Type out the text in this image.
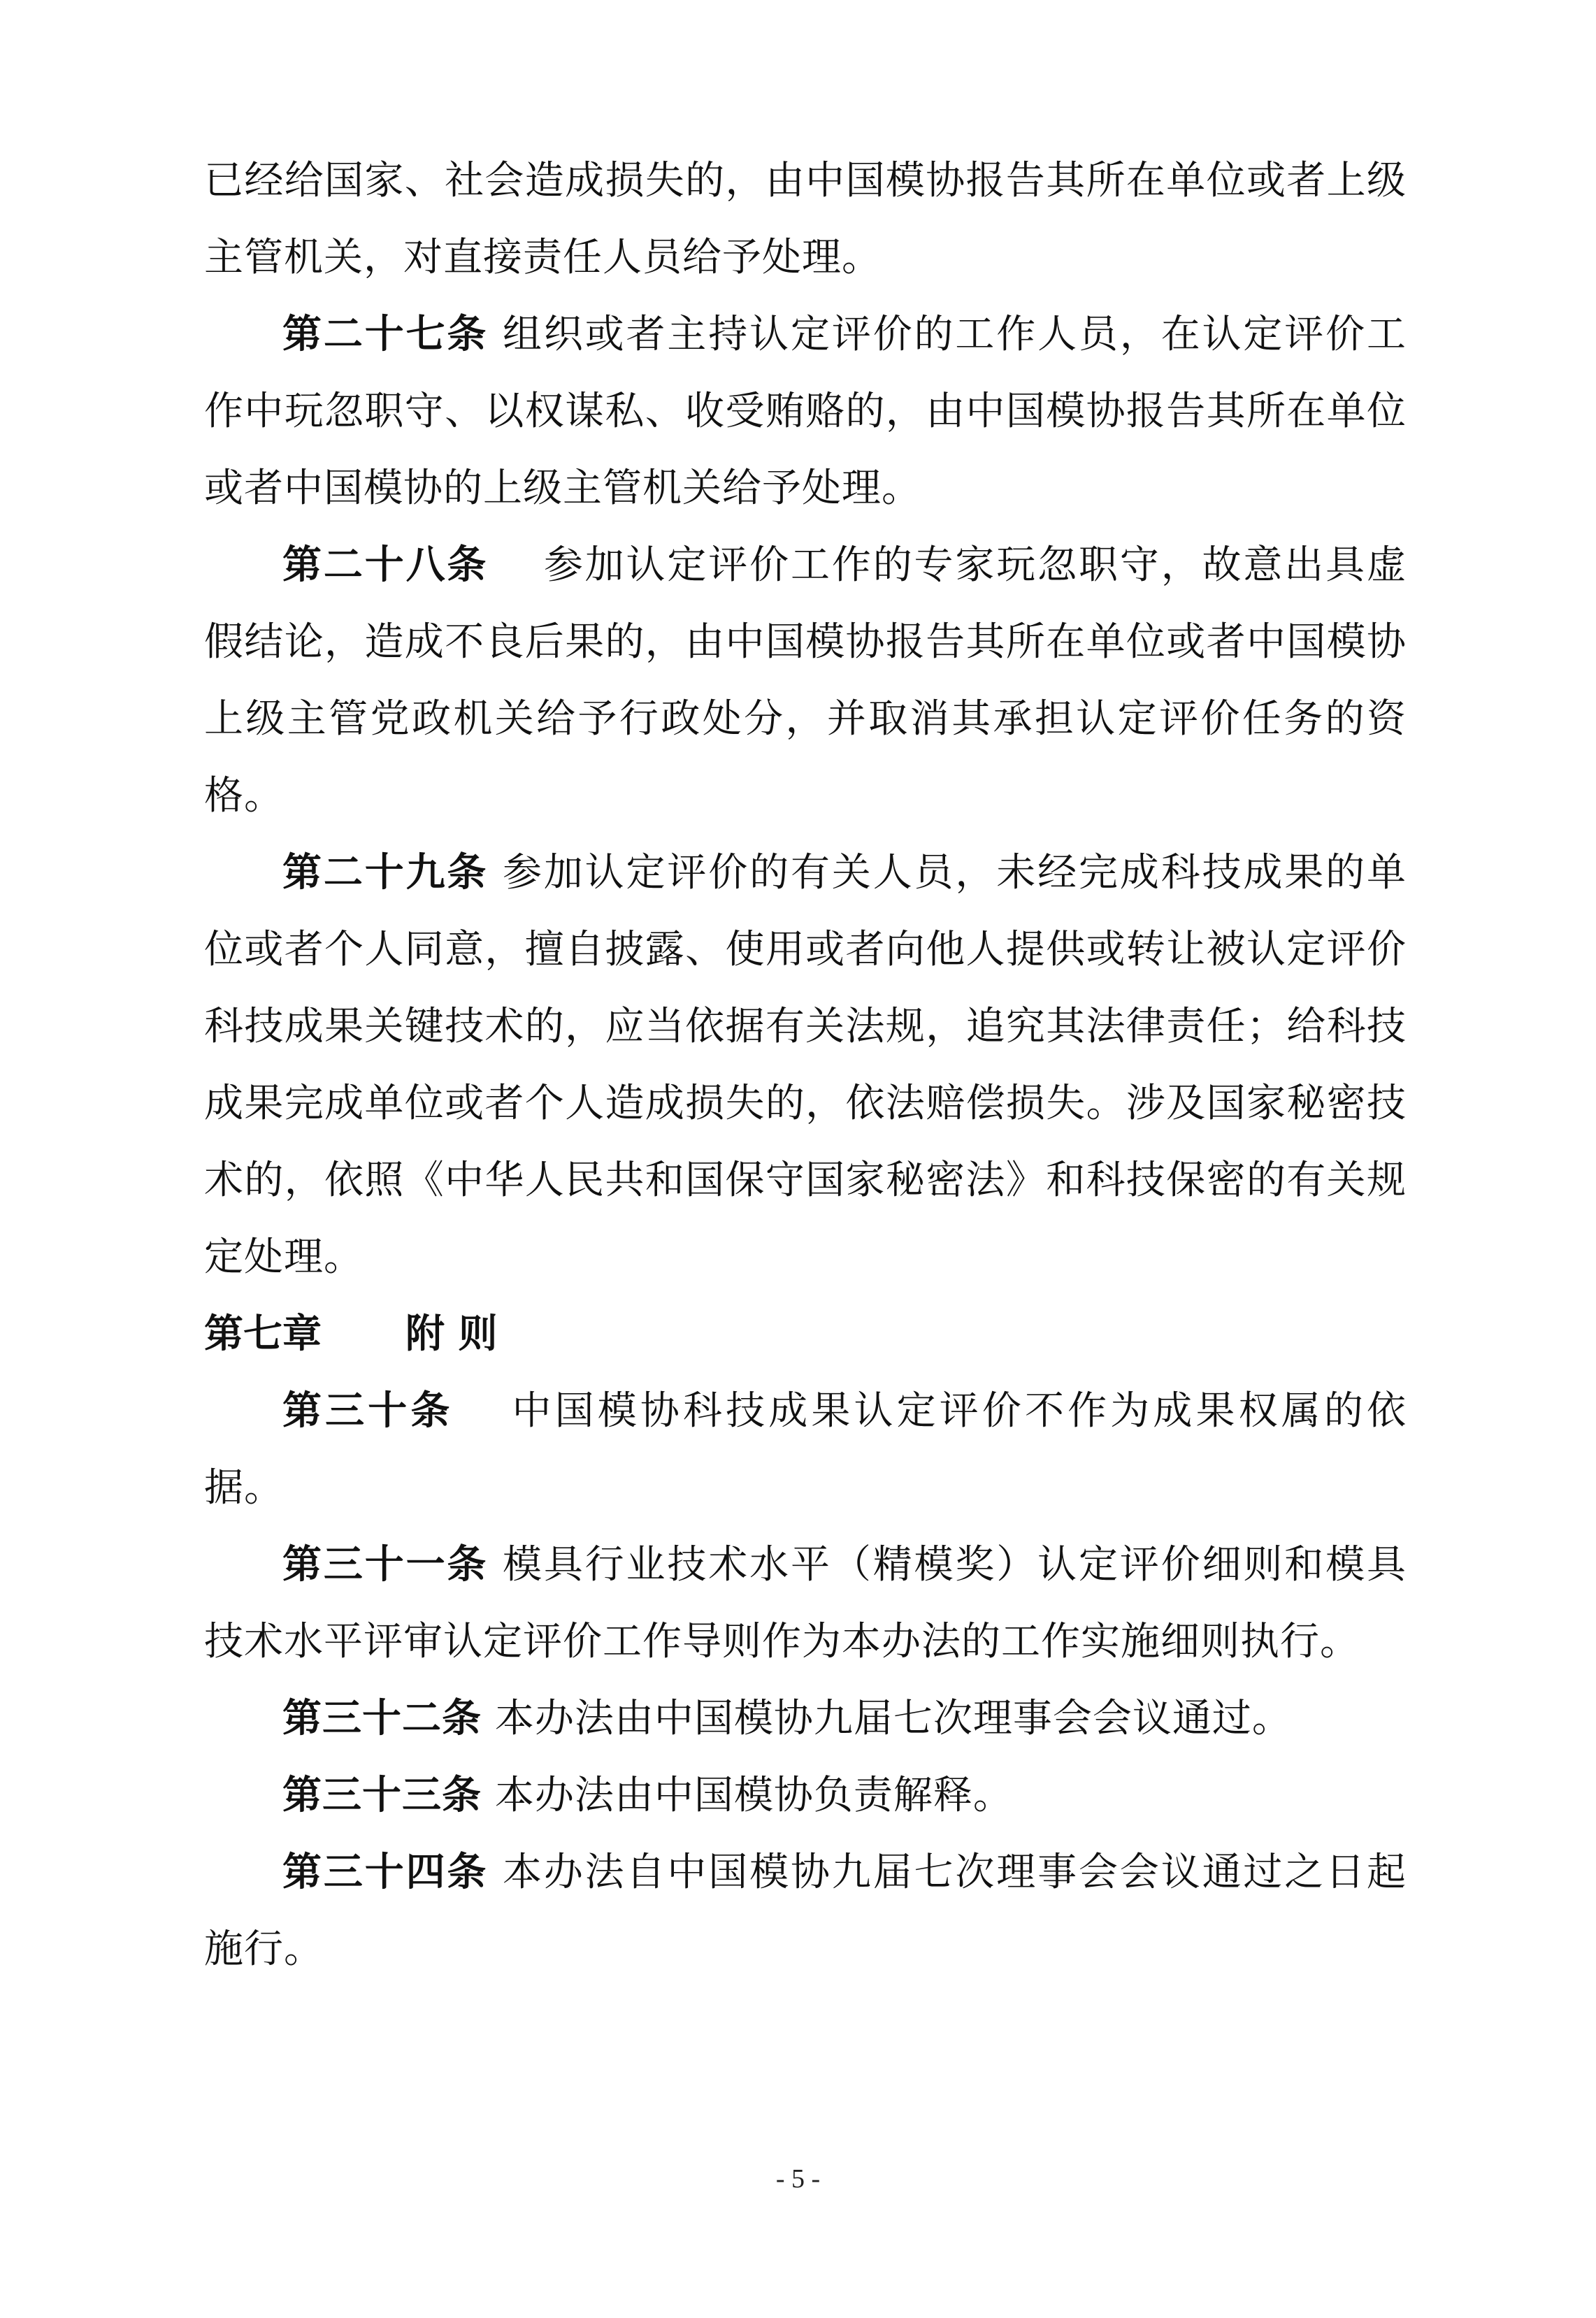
已经给国家、社会造成损失的，由中国模协报告其所在单位或者上级主管机关，对直接责任人员给予处理。

第二十七条 组织或者主持认定评价的工作人员，在认定评价工作中玩忽职守、以权谋私、收受贿赂的，由中国模协报告其所在单位或者中国模协的上级主管机关给予处理。

第二十八条 　参加认定评价工作的专家玩忽职守，故意出具虚假结论，造成不良后果的，由中国模协报告其所在单位或者中国模协上级主管党政机关给予行政处分，并取消其承担认定评价任务的资格。

第二十九条 参加认定评价的有关人员，未经完成科技成果的单位或者个人同意，擅自披露、使用或者向他人提供或转让被认定评价科技成果关键技术的，应当依据有关法规，追究其法律责任；给科技成果完成单位或者个人造成损失的，依法赔偿损失。涉及国家秘密技术的，依照《中华人民共和国保守国家秘密法》和科技保密的有关规定处理。

第七章 附 则

第三十条 　中国模协科技成果认定评价不作为成果权属的依据。

第三十一条 模具行业技术水平（精模奖）认定评价细则和模具技术水平评审认定评价工作导则作为本办法的工作实施细则执行。

第三十二条 本办法由中国模协九届七次理事会会议通过。

第三十三条 本办法由中国模协负责解释。

第三十四条 本办法自中国模协九届七次理事会会议通过之日起施行。

- 5 -
